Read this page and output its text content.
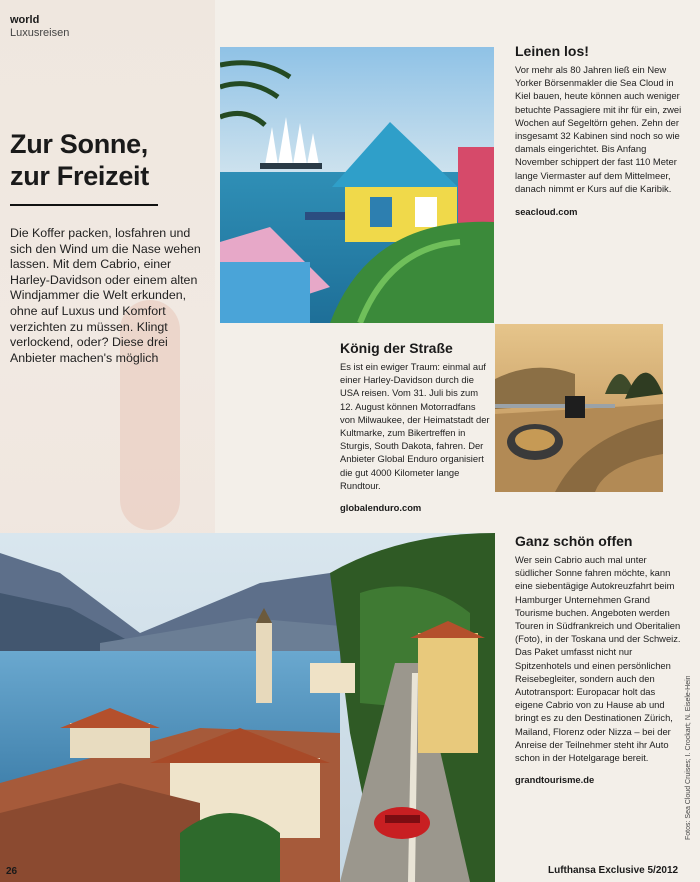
world
Luxusreisen
Zur Sonne,
zur Freizeit
Die Koffer packen, losfahren und sich den Wind um die Nase wehen lassen. Mit dem Cabrio, einer Harley-Davidson oder einem alten Windjammer die Welt erkunden, ohne auf Luxus und Komfort verzichten zu müssen. Klingt verlockend, oder? Diese drei Anbieter machen's möglich
Leinen los!
Vor mehr als 80 Jahren ließ ein New Yorker Börsenmakler die Sea Cloud in Kiel bauen, heute können auch weniger betuchte Passagiere mit ihr für ein, zwei Wochen auf Segeltörn gehen. Zehn der insgesamt 32 Kabinen sind noch so wie damals eingerichtet. Bis Anfang November schippert der fast 110 Meter lange Viermaster auf dem Mittelmeer, danach nimmt er Kurs auf die Karibik.
seacloud.com
König der Straße
Es ist ein ewiger Traum: einmal auf einer Harley-Davidson durch die USA reisen. Vom 31. Juli bis zum 12. August können Motorradfans von Milwaukee, der Heimatstadt der Kultmarke, zum Bikertreffen in Sturgis, South Dakota, fahren. Der Anbieter Global Enduro organisiert die gut 4000 Kilometer lange Rundtour.
globalenduro.com
Ganz schön offen
Wer sein Cabrio auch mal unter südlicher Sonne fahren möchte, kann eine siebentägige Autokreuzfahrt beim Hamburger Unternehmen Grand Tourisme buchen. Angeboten werden Touren in Südfrankreich und Oberitalien (Foto), in der Toskana und der Schweiz. Das Paket umfasst nicht nur Spitzenhotels und einen persönlichen Reisebegleiter, sondern auch den Autotransport: Europacar holt das eigene Cabrio von zu Hause ab und bringt es zu den Destinationen Zürich, Mailand, Florenz oder Nizza – bei der Anreise der Teilnehmer steht ihr Auto schon in der Hotelgarage bereit.
grandtourisme.de
26	Lufthansa Exclusive 5/2012
Fotos: Sea Cloud Cruises; I. Crockart; N. Eisele-Hein
